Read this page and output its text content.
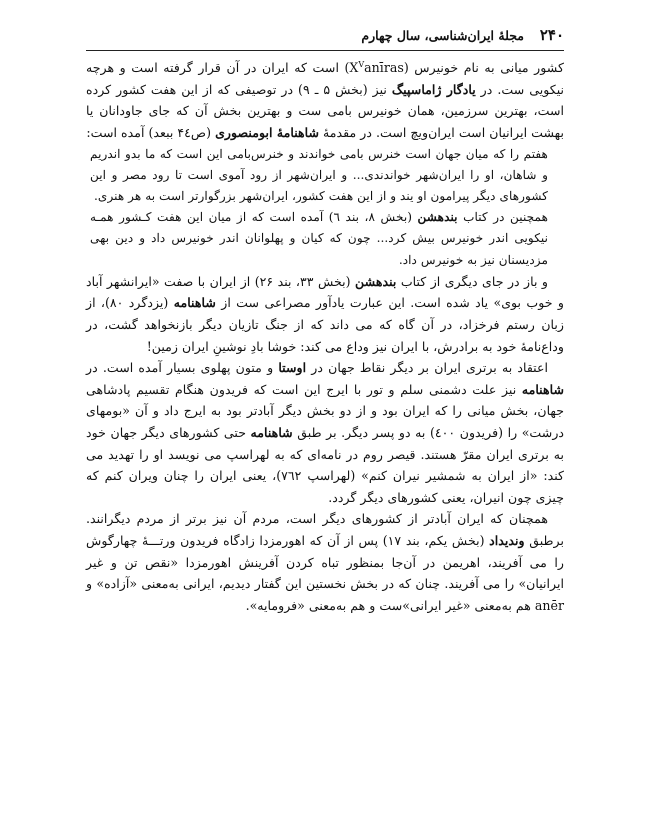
۲۴۰
مجلهٔ ایران‌شناسی، سال چهارم

کشور میانی به نام خونیرس $(X^Vanīras)$ است که ایران در آن قرار گرفته است و هرچه نیکویی ست. در یادگار ژاماسپیگ نیز (بخش ۵ ـ ۹) در توصیفی که از این هفت کشور کرده است، بهترین سرزمین، همان خونیرس بامی ست و بهترین بخش آن که جای جاودانان یا بهشت ایرانیان است ایران‌ویچ است. در مقدمهٔ شاهنامهٔ ابومنصوری (ص۴٤ ببعد) آمده است:

هفتم را که میان جهان است خنرس بامی خواندند و خنرس‌بامی این است که ما بدو اندریم و شاهان، او را ایران‌شهر خواندندی... و ایران‌شهر از رود آموی است تا رود مصر و این کشورهای دیگر پیرامون او یند و از این هفت کشور، ایران‌شهر بزرگوارتر است به هر هنری.

همچنین در کتاب بندهشن (بخش ۸، بند ٦) آمده است که از میان این هفت کـشور همـه نیکویی اندر خونیرس بیش کرد... چون که کیان و پهلوانان اندر خونیرس داد و دین بهی مزدیسنان نیز به خونیرس داد.

و باز در جای دیگری از کتاب بندهشن (بخش ۳۳، بند ۲۶) از ایران با صفت «ایرانشهر آباد و خوب بوی» یاد شده است. این عبارت یادآور مصراعی ست از شاهنامه (یزدگرد ۸۰)، از زبان رستم فرخزاد، در آن گاه که می داند که از جنگ تازیان دیگر بازنخواهد گشت، در وداع‌نامهٔ خود به برادرش، با ایران نیز وداع می کند: خوشا بادِ نوشینِ ایران زمین!

اعتقاد به برتری ایران بر دیگر نقاط جهان در اوستا و متون پهلوی بسیار آمده است. در شاهنامه نیز علت دشمنی سلم و تور با ایرج این است که فریدون هنگام تقسیم پادشاهی جهان، بخش میانی را که ایران بود و از دو بخش دیگر آبادتر بود به ایرج داد و آن «بومهای درشت» را (فریدون ٤۰۰) به دو پسر دیگر. بر طبق شاهنامه حتی کشورهای دیگر جهان خود به برتری ایران مقرّ هستند. قیصر روم در نامه‌ای که به لهراسپ می نویسد او را تهدید می کند: «از ایران به شمشیر نیران کنم» (لهراسپ ۷٦۲)، یعنی ایران را چنان ویران کنم که چیزی چون انیران، یعنی کشورهای دیگر گردد.

همچنان که ایران آبادتر از کشورهای دیگر است، مردم آن نیز برتر از مردم دیگرانند. برطبق وندیداد (بخش یکم، بند ۱۷) پس از آن که اهورمزدا زادگاه فریدون ورتـــهٔ چهارگوش را می آفریند، اهریمن در آن‌جا بمنظور تباه کردن آفرینش اهورمزدا «نقص تن و غیر ایرانیان» را می آفریند. چنان که در بخش نخستین این گفتار دیدیم، ایرانی به‌معنی «آزاده» و anēr هم به‌معنی «غیر ایرانی»ست و هم به‌معنی «فرومایه».
